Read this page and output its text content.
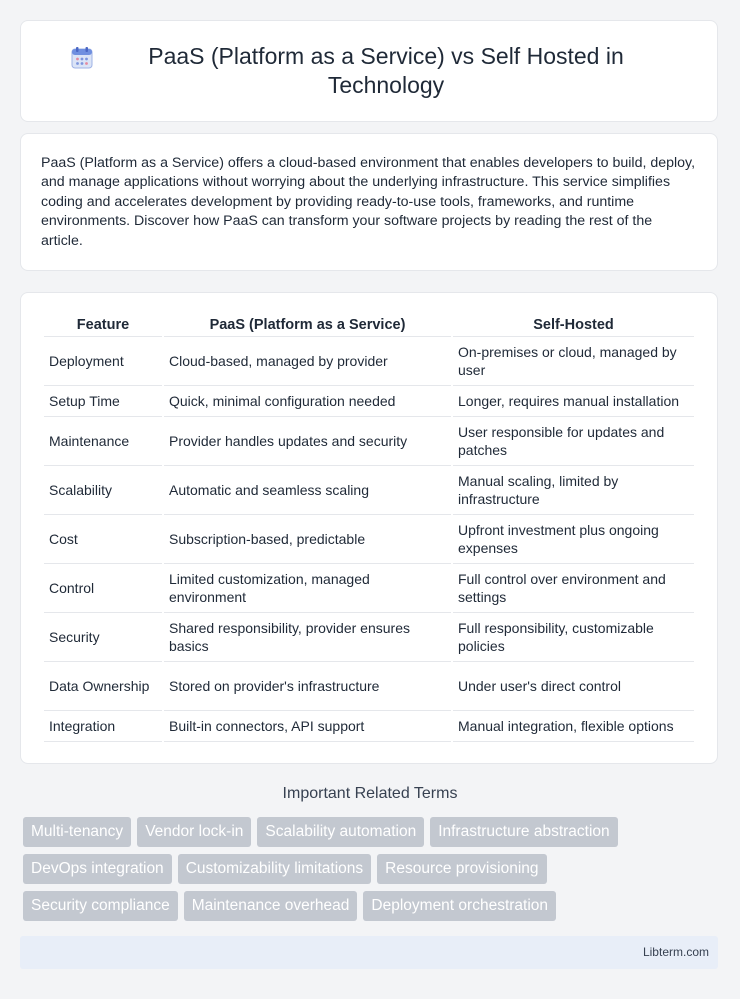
PaaS (Platform as a Service) vs Self Hosted in Technology

PaaS (Platform as a Service) offers a cloud-based environment that enables developers to build, deploy, and manage applications without worrying about the underlying infrastructure. This service simplifies coding and accelerates development by providing ready-to-use tools, frameworks, and runtime environments. Discover how PaaS can transform your software projects by reading the rest of the article.

Feature	PaaS (Platform as a Service)	Self-Hosted
Deployment	Cloud-based, managed by provider	On-premises or cloud, managed by user
Setup Time	Quick, minimal configuration needed	Longer, requires manual installation
Maintenance	Provider handles updates and security	User responsible for updates and patches
Scalability	Automatic and seamless scaling	Manual scaling, limited by infrastructure
Cost	Subscription-based, predictable	Upfront investment plus ongoing expenses
Control	Limited customization, managed environment	Full control over environment and settings
Security	Shared responsibility, provider ensures basics	Full responsibility, customizable policies
Data Ownership	Stored on provider's infrastructure	Under user's direct control
Integration	Built-in connectors, API support	Manual integration, flexible options
Important Related Terms
Multi-tenancy	Vendor lock-in	Scalability automation	Infrastructure abstraction
DevOps integration	Customizability limitations	Resource provisioning
Security compliance	Maintenance overhead	Deployment orchestration
Libterm.com
